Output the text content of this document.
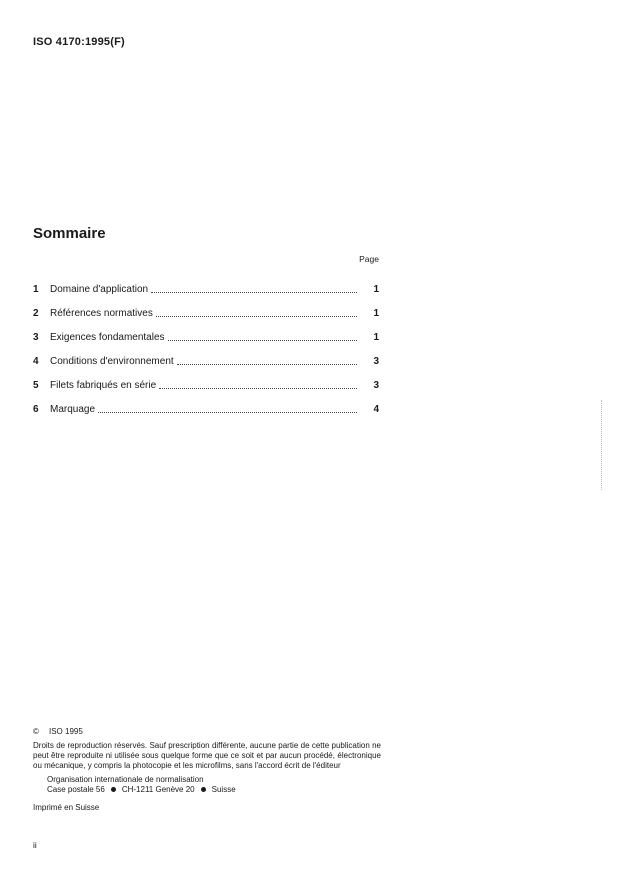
ISO 4170:1995(F)
Sommaire
Page
1	Domaine d'application	1
2	Références normatives	1
3	Exigences fondamentales	1
4	Conditions d'environnement	3
5	Filets fabriqués en série	3
6	Marquage	4
© ISO 1995
Droits de reproduction réservés. Sauf prescription différente, aucune partie de cette publication ne peut être reproduite ni utilisée sous quelque forme que ce soit et par aucun procédé, électronique ou mécanique, y compris la photocopie et les microfilms, sans l'accord écrit de l'éditeur
Organisation internationale de normalisation
Case postale 56 CH-1211 Genève 20 Suisse
Imprimé en Suisse
ii
